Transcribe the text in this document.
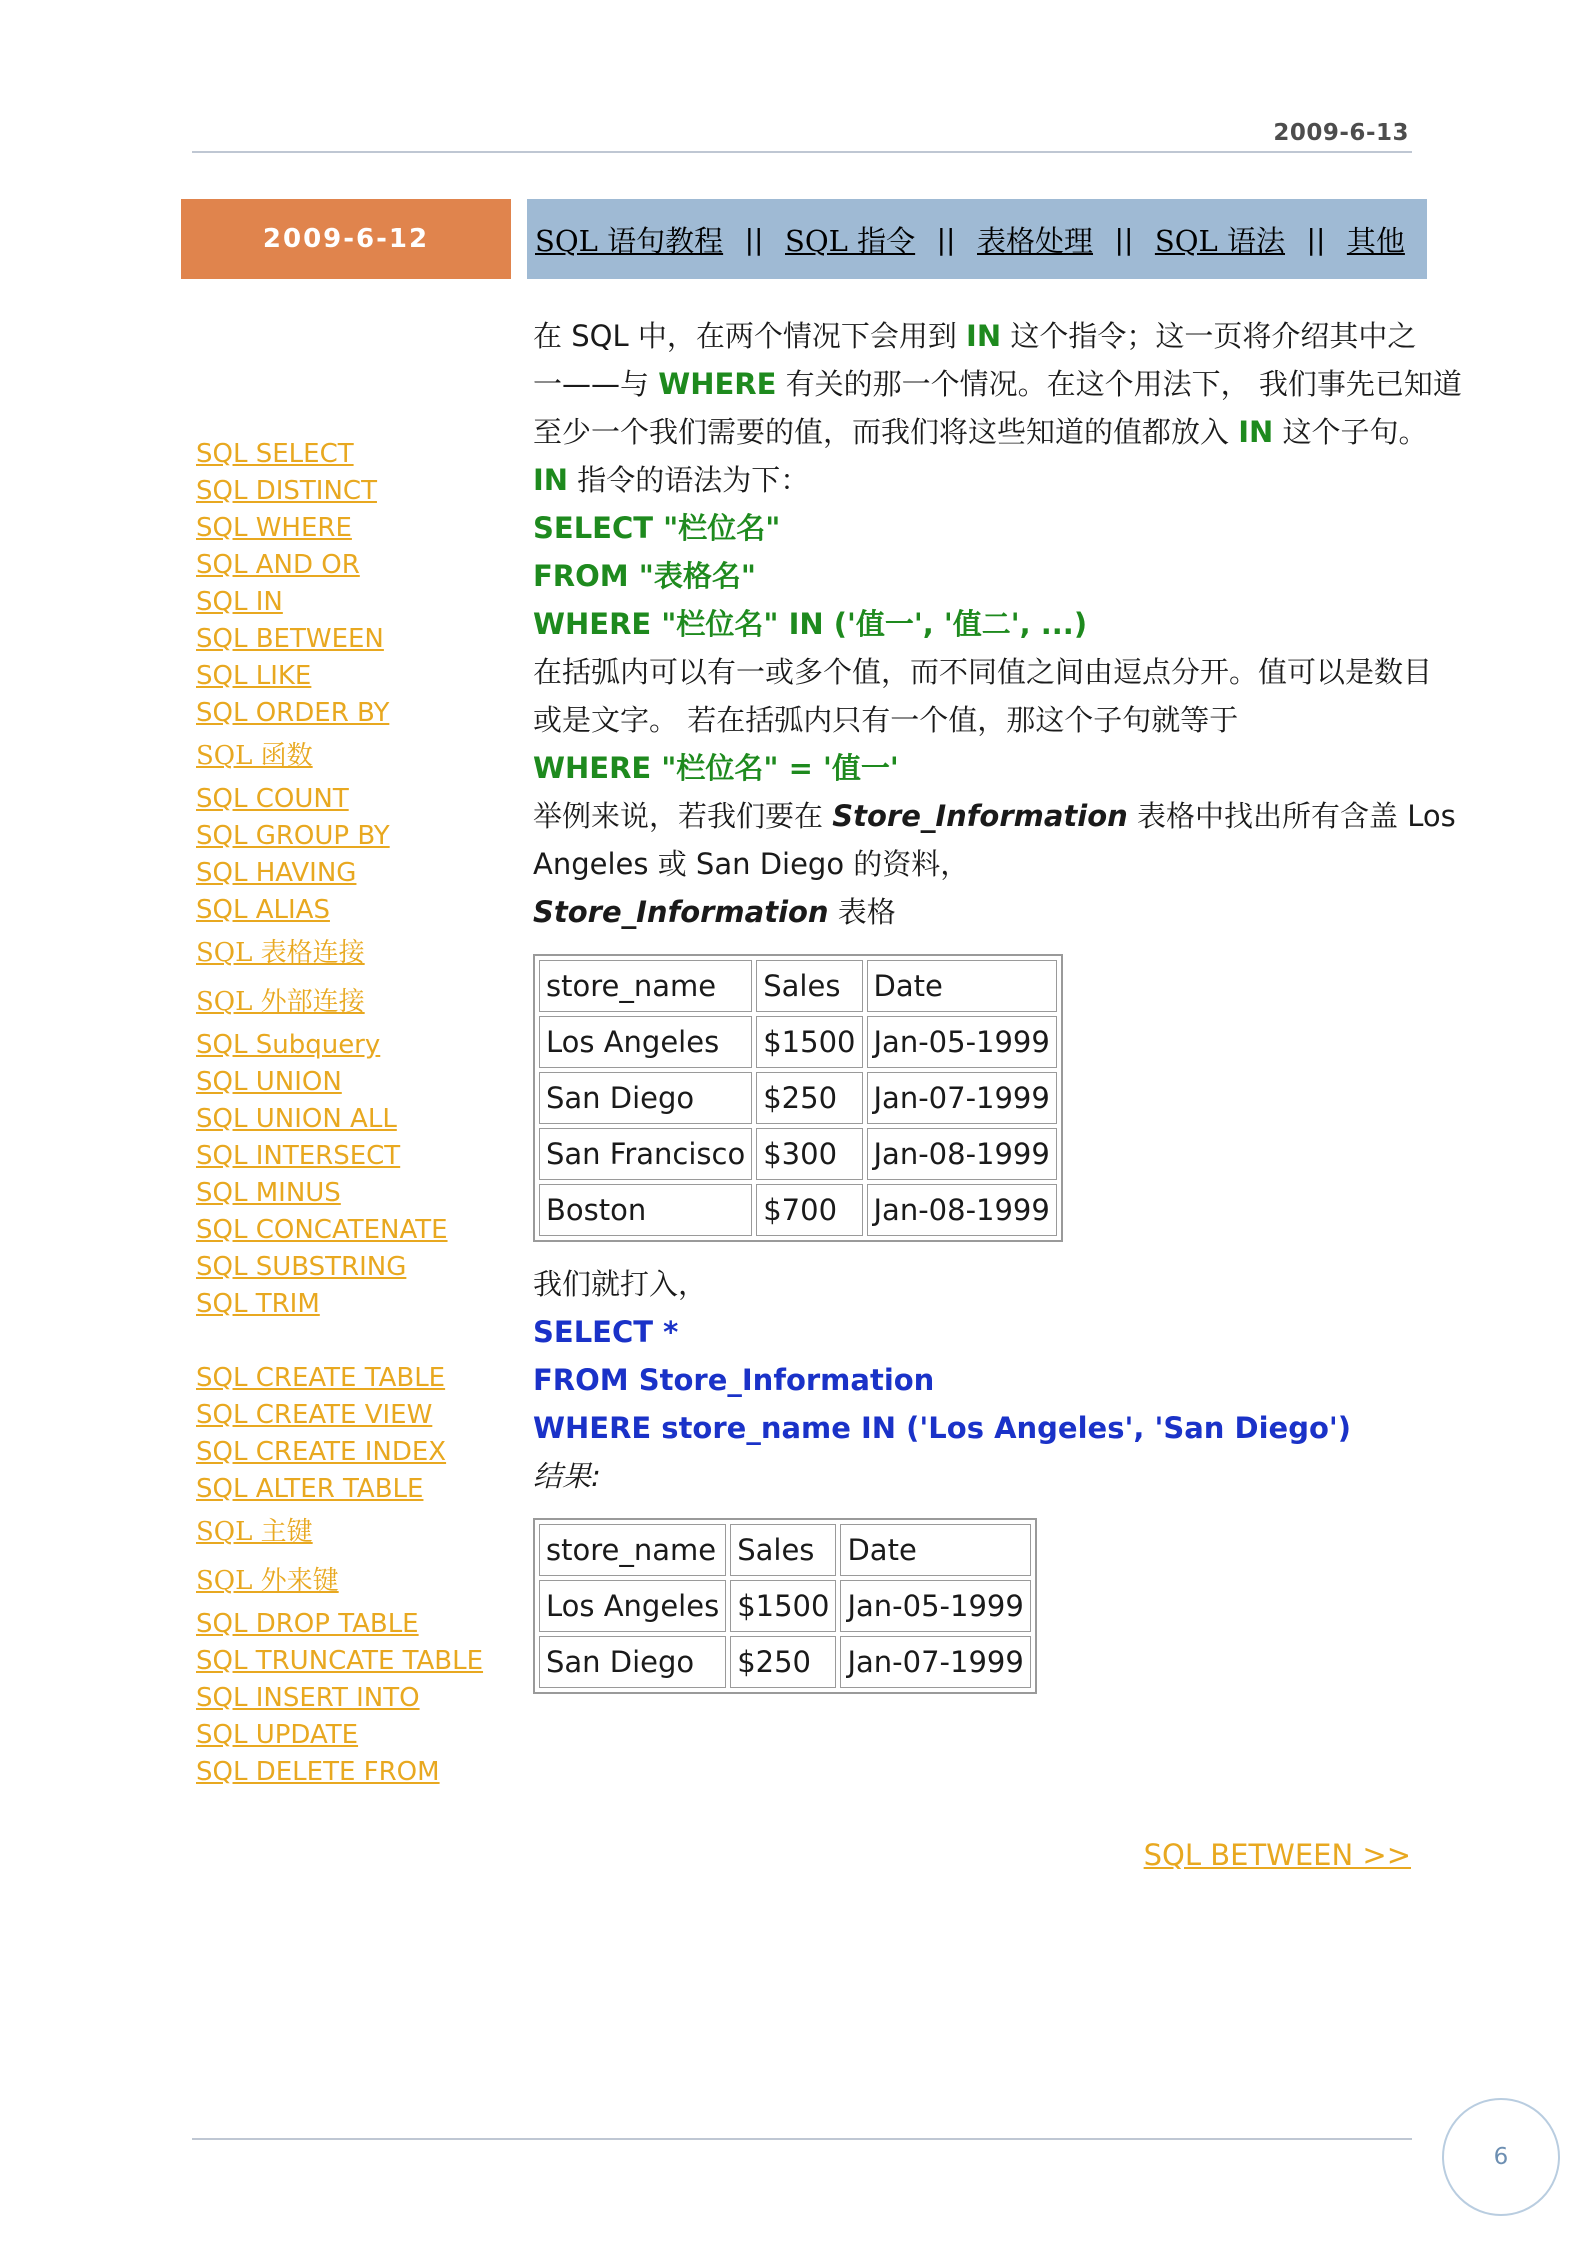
2009-6-13
2009-6-12	SQL 语句教程 || SQL 指令 || 表格处理 || SQL 语法 || 其他
SQL SELECT
SQL DISTINCT
SQL WHERE
SQL AND OR
SQL IN
SQL BETWEEN
SQL LIKE
SQL ORDER BY
SQL 函数
SQL COUNT
SQL GROUP BY
SQL HAVING
SQL ALIAS
SQL 表格连接
SQL 外部连接
SQL Subquery
SQL UNION
SQL UNION ALL
SQL INTERSECT
SQL MINUS
SQL CONCATENATE
SQL SUBSTRING
SQL TRIM
SQL CREATE TABLE
SQL CREATE VIEW
SQL CREATE INDEX
SQL ALTER TABLE
SQL 主键
SQL 外来键
SQL DROP TABLE
SQL TRUNCATE TABLE
SQL INSERT INTO
SQL UPDATE
SQL DELETE FROM

在 SQL 中，在两个情况下会用到 IN 这个指令；这一页将介绍其中之

一——与 WHERE 有关的那一个情况。在这个用法下， 我们事先已知道

至少一个我们需要的值，而我们将这些知道的值都放入 IN 这个子句。

IN 指令的语法为下：

SELECT "栏位名"

FROM "表格名"

WHERE "栏位名" IN ('值一', '值二', ...)

在括弧内可以有一或多个值，而不同值之间由逗点分开。值可以是数目

或是文字。 若在括弧内只有一个值，那这个子句就等于

WHERE "栏位名" = '值一'

举例来说，若我们要在 Store_Information 表格中找出所有含盖 Los

Angeles 或 San Diego 的资料，

Store_Information 表格

store_name	Sales	Date
Los Angeles	$1500	Jan-05-1999
San Diego	$250	Jan-07-1999
San Francisco	$300	Jan-08-1999
Boston	$700	Jan-08-1999

我们就打入，

SELECT *

FROM Store_Information

WHERE store_name IN ('Los Angeles', 'San Diego')

结果:

store_name	Sales	Date
Los Angeles	$1500	Jan-05-1999
San Diego	$250	Jan-07-1999
SQL BETWEEN >>
6
